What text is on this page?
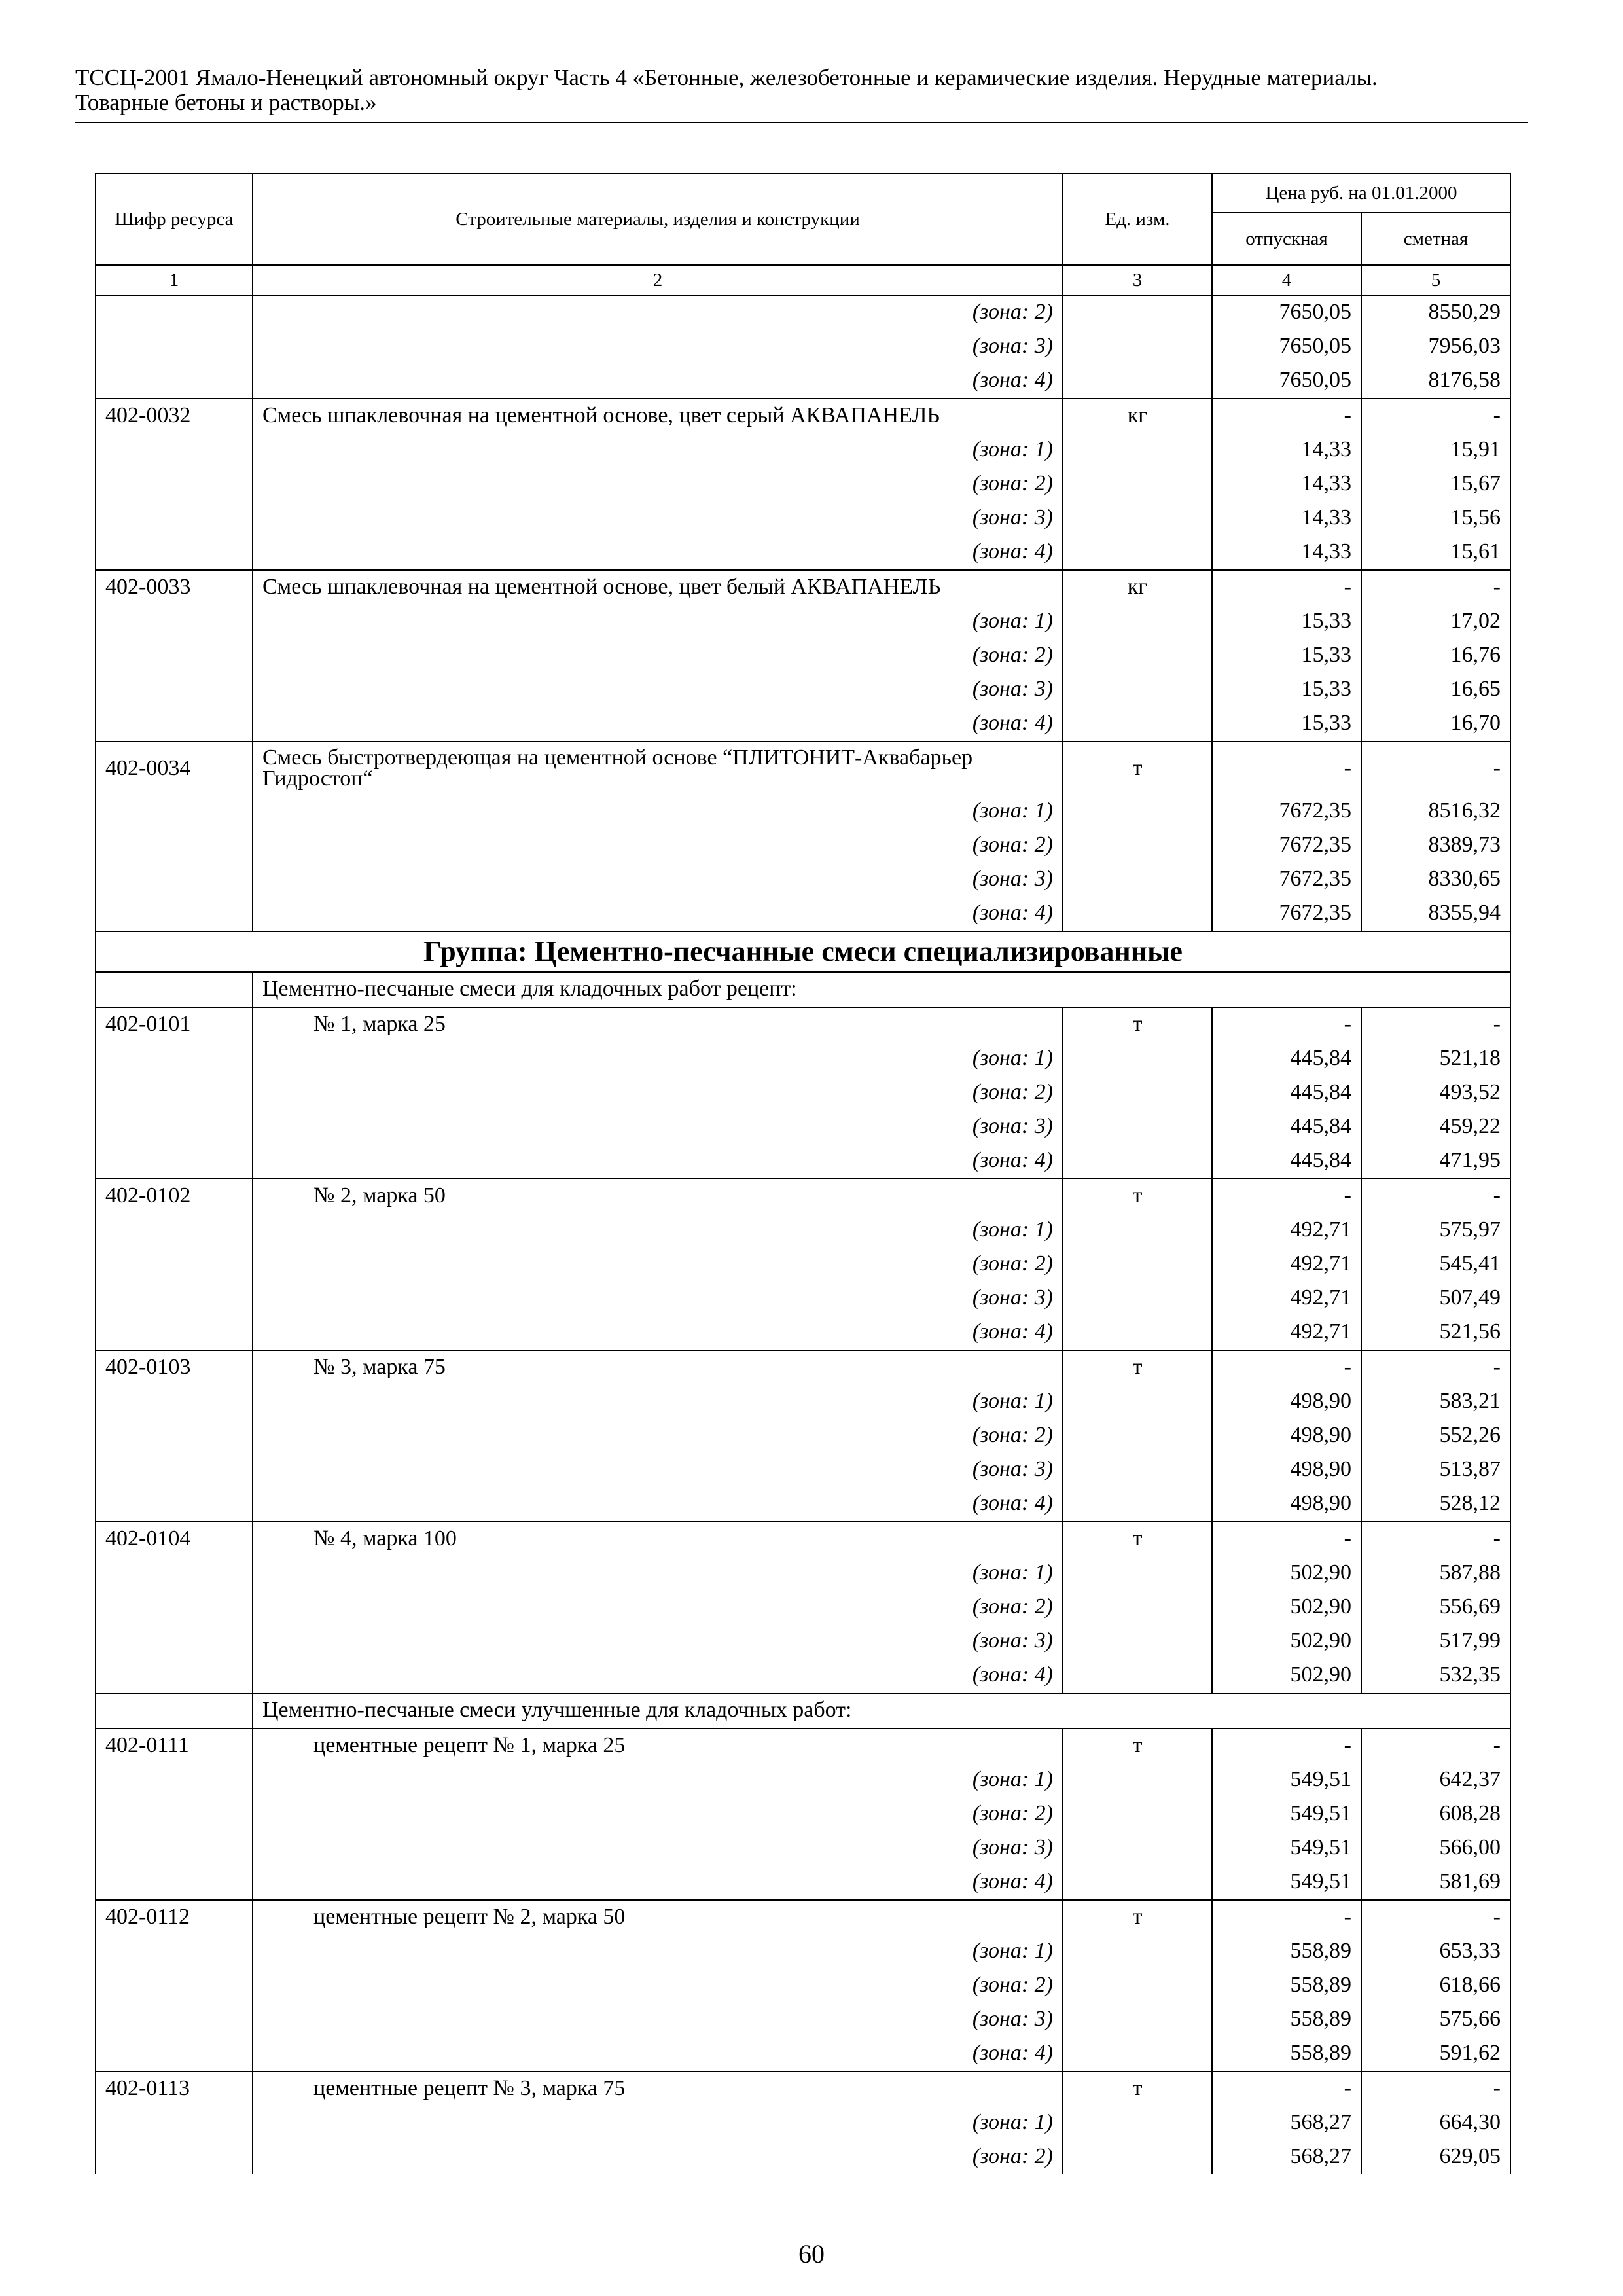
ТССЦ-2001 Ямало-Ненецкий автономный округ Часть 4 «Бетонные, железобетонные и керамические изделия. Нерудные материалы.
Товарные бетоны и растворы.»
Шифр ресурса	Строительные материалы, изделия и конструкции	Ед. изм.	Цена руб. на 01.01.2000	
			отпускная	сметная
1	2	3	4	5
	(зона: 2)		7650,05	8550,29
	(зона: 3)		7650,05	7956,03
	(зона: 4)		7650,05	8176,58
402-0032	Смесь шпаклевочная на цементной основе, цвет серый АКВАПАНЕЛЬ	кг	-	-
	(зона: 1)		14,33	15,91
	(зона: 2)		14,33	15,67
	(зона: 3)		14,33	15,56
	(зона: 4)		14,33	15,61
402-0033	Смесь шпаклевочная на цементной основе, цвет белый АКВАПАНЕЛЬ	кг	-	-
	(зона: 1)		15,33	17,02
	(зона: 2)		15,33	16,76
	(зона: 3)		15,33	16,65
	(зона: 4)		15,33	16,70
402-0034	Смесь быстротвердеющая на цементной основе “ПЛИТОНИТ-Аквабарьер Гидростоп“	т	-	-
	(зона: 1)		7672,35	8516,32
	(зона: 2)		7672,35	8389,73
	(зона: 3)		7672,35	8330,65
	(зона: 4)		7672,35	8355,94
Группа: Цементно-песчанные смеси специализированные				
	Цементно-песчаные смеси для кладочных работ рецепт:			
402-0101	№ 1, марка 25	т	-	-
	(зона: 1)		445,84	521,18
	(зона: 2)		445,84	493,52
	(зона: 3)		445,84	459,22
	(зона: 4)		445,84	471,95
402-0102	№ 2, марка 50	т	-	-
	(зона: 1)		492,71	575,97
	(зона: 2)		492,71	545,41
	(зона: 3)		492,71	507,49
	(зона: 4)		492,71	521,56
402-0103	№ 3, марка 75	т	-	-
	(зона: 1)		498,90	583,21
	(зона: 2)		498,90	552,26
	(зона: 3)		498,90	513,87
	(зона: 4)		498,90	528,12
402-0104	№ 4, марка 100	т	-	-
	(зона: 1)		502,90	587,88
	(зона: 2)		502,90	556,69
	(зона: 3)		502,90	517,99
	(зона: 4)		502,90	532,35
	Цементно-песчаные смеси улучшенные для кладочных работ:			
402-0111	цементные рецепт № 1, марка 25	т	-	-
	(зона: 1)		549,51	642,37
	(зона: 2)		549,51	608,28
	(зона: 3)		549,51	566,00
	(зона: 4)		549,51	581,69
402-0112	цементные рецепт № 2, марка 50	т	-	-
	(зона: 1)		558,89	653,33
	(зона: 2)		558,89	618,66
	(зона: 3)		558,89	575,66
	(зона: 4)		558,89	591,62
402-0113	цементные рецепт № 3, марка 75	т	-	-
	(зона: 1)		568,27	664,30
	(зона: 2)		568,27	629,05
60
